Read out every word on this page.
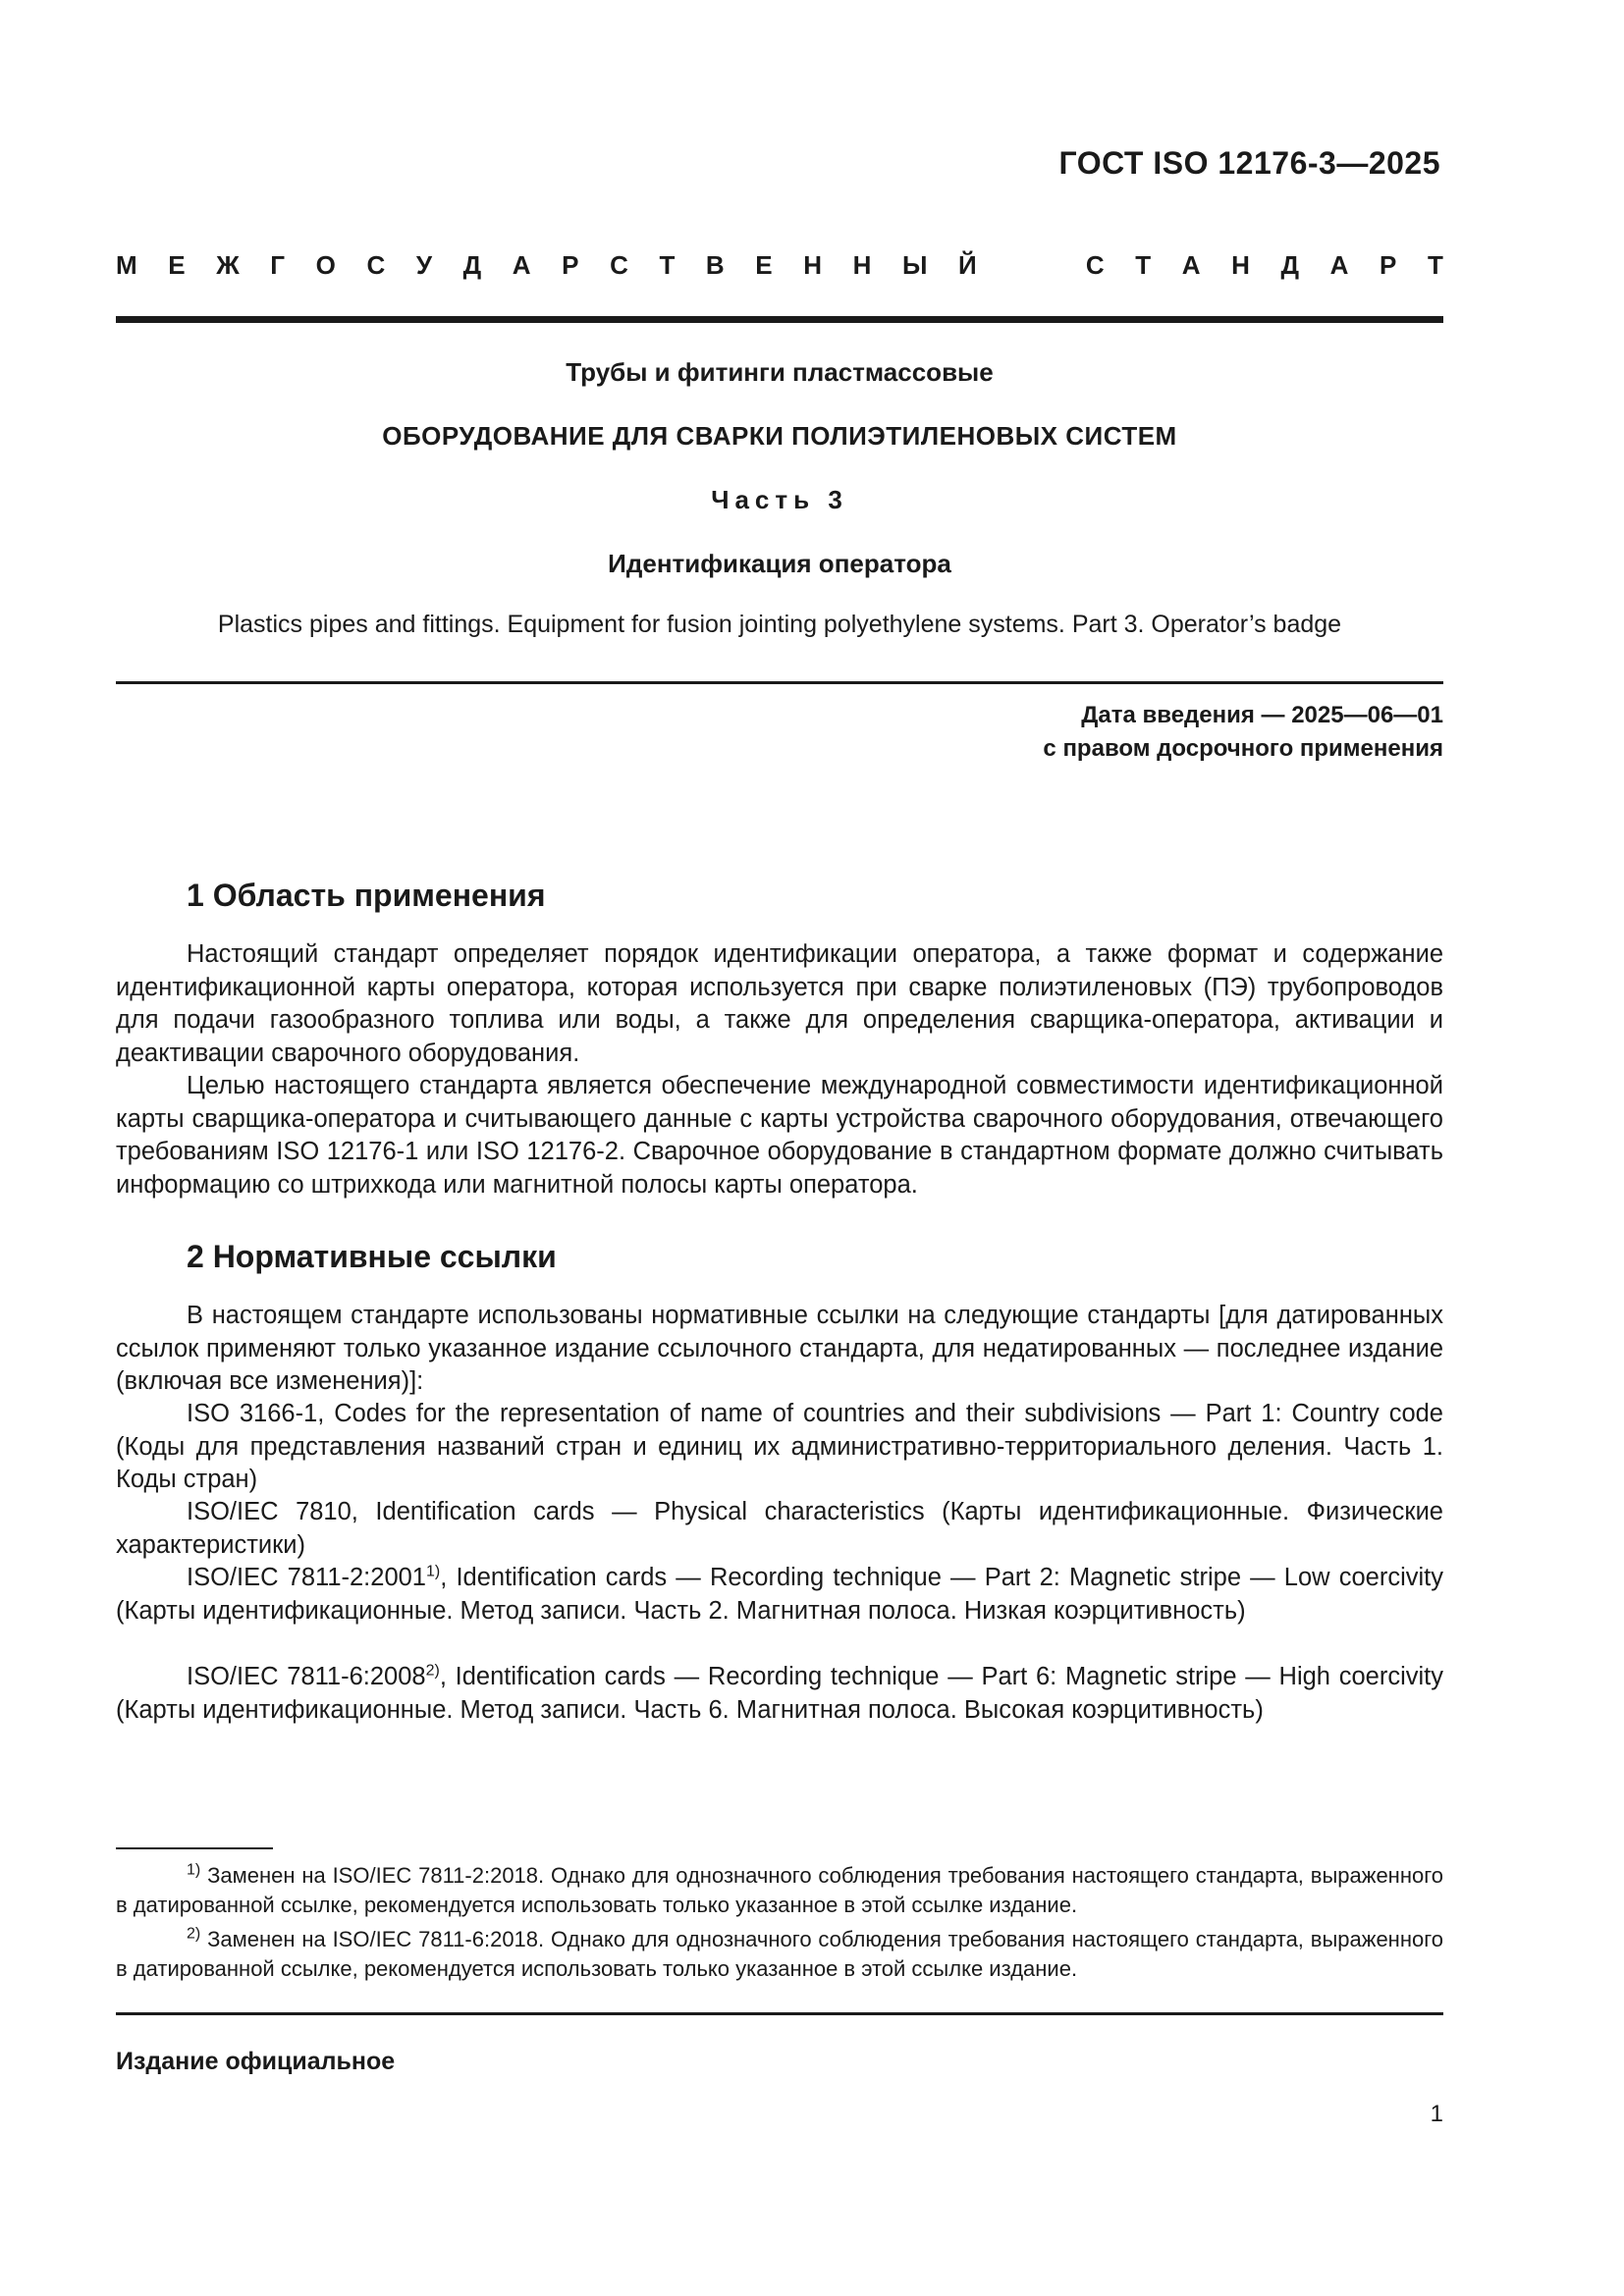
ГОСТ ISO 12176-3—2025
М Е Ж Г О С У Д А Р С Т В Е Н Н Ы Й	С Т А Н Д А Р Т
Трубы и фитинги пластмассовые
ОБОРУДОВАНИЕ ДЛЯ СВАРКИ ПОЛИЭТИЛЕНОВЫХ СИСТЕМ
Часть 3
Идентификация оператора
Plastics pipes and fittings. Equipment for fusion jointing polyethylene systems. Part 3. Operator’s badge
Дата введения — 2025—06—01
с правом досрочного применения
1 Область применения

Настоящий стандарт определяет порядок идентификации оператора, а также формат и содержание идентификационной карты оператора, которая используется при сварке полиэтиленовых (ПЭ) трубопроводов для подачи газообразного топлива или воды, а также для определения сварщика-оператора, активации и деактивации сварочного оборудования.

Целью настоящего стандарта является обеспечение международной совместимости идентификационной карты сварщика-оператора и считывающего данные с карты устройства сварочного оборудования, отвечающего требованиям ISO 12176-1 или ISO 12176-2. Сварочное оборудование в стандартном формате должно считывать информацию со штрихкода или магнитной полосы карты оператора.

2 Нормативные ссылки

В настоящем стандарте использованы нормативные ссылки на следующие стандарты [для датированных ссылок применяют только указанное издание ссылочного стандарта, для недатированных — последнее издание (включая все изменения)]:

ISO 3166-1, Codes for the representation of name of countries and their subdivisions — Part 1: Country code (Коды для представления названий стран и единиц их административно-территориального деления. Часть 1. Коды стран)

ISO/IEC 7810, Identification cards — Physical characteristics (Карты идентификационные. Физические характеристики)

ISO/IEC 7811-2:2001$^{1)}$, Identification cards — Recording technique — Part 2: Magnetic stripe — Low coercivity (Карты идентификационные. Метод записи. Часть 2. Магнитная полоса. Низкая коэрцитивность)

ISO/IEC 7811-6:2008$^{2)}$, Identification cards — Recording technique — Part 6: Magnetic stripe — High coercivity (Карты идентификационные. Метод записи. Часть 6. Магнитная полоса. Высокая коэрцитивность)

$^{1)}$ Заменен на ISO/IEC 7811-2:2018. Однако для однозначного соблюдения требования настоящего стандарта, выраженного в датированной ссылке, рекомендуется использовать только указанное в этой ссылке издание.

$^{2)}$ Заменен на ISO/IEC 7811-6:2018. Однако для однозначного соблюдения требования настоящего стандарта, выраженного в датированной ссылке, рекомендуется использовать только указанное в этой ссылке издание.

Издание официальное
1
